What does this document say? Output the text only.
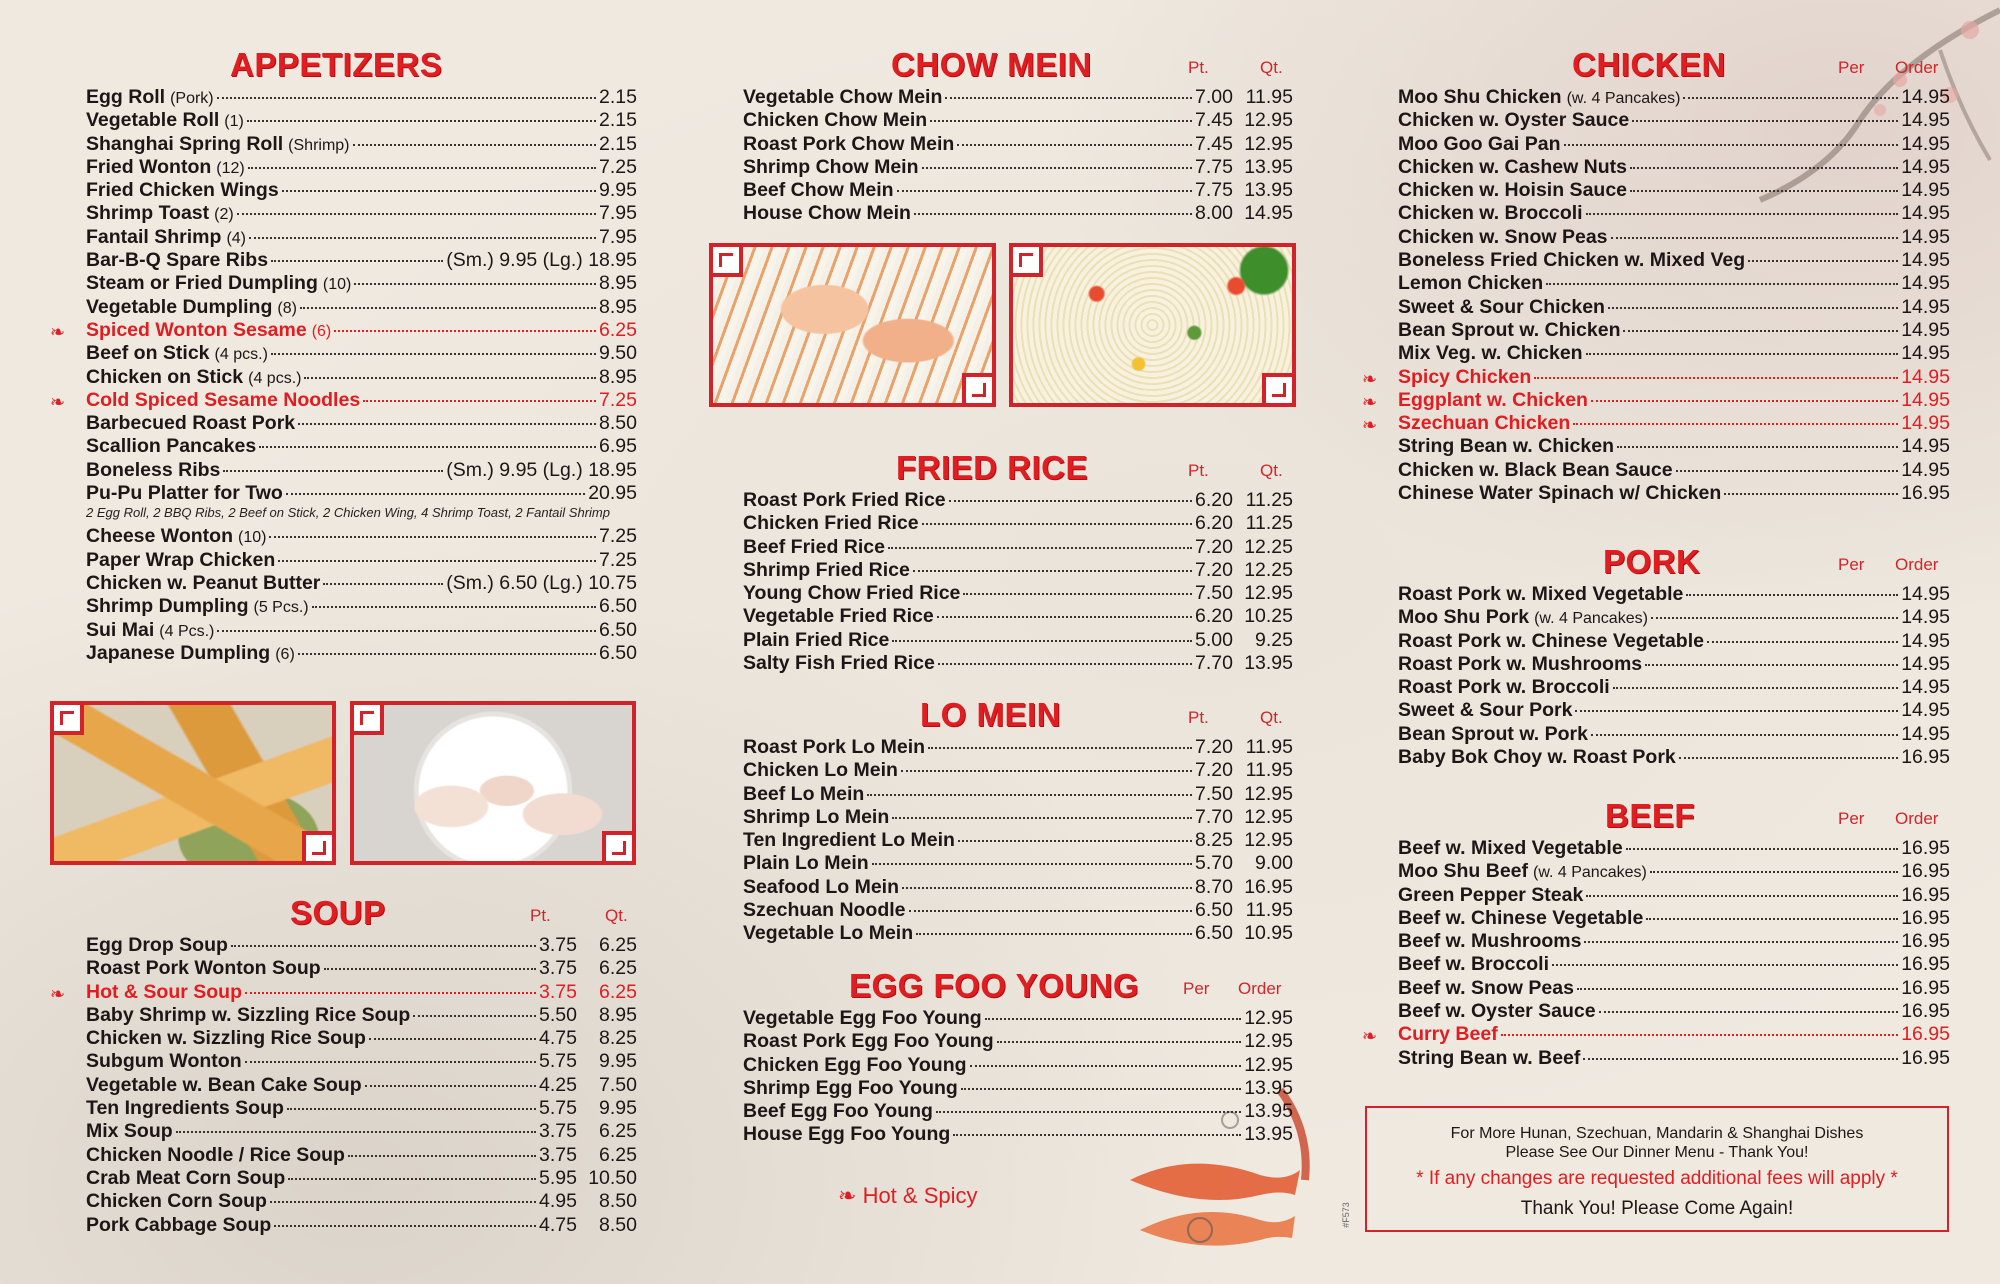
APPETIZERS
Egg Roll (Pork)	2.15
Vegetable Roll (1)	2.15
Shanghai Spring Roll (Shrimp)	2.15
Fried Wonton (12)	7.25
Fried Chicken Wings	9.95
Shrimp Toast (2)	7.95
Fantail Shrimp (4)	7.95
Bar-B-Q Spare Ribs	(Sm.) 9.95 (Lg.) 18.95
Steam or Fried Dumpling (10)	8.95
Vegetable Dumpling (8)	8.95
❧ Spiced Wonton Sesame (6)	6.25
Beef on Stick (4 pcs.)	9.50
Chicken on Stick (4 pcs.)	8.95
❧ Cold Spiced Sesame Noodles	7.25
Barbecued Roast Pork	8.50
Scallion Pancakes	6.95
Boneless Ribs	(Sm.) 9.95 (Lg.) 18.95
Pu-Pu Platter for Two	20.95
2 Egg Roll, 2 BBQ Ribs, 2 Beef on Stick, 2 Chicken Wing, 4 Shrimp Toast, 2 Fantail Shrimp
Cheese Wonton (10)	7.25
Paper Wrap Chicken	7.25
Chicken w. Peanut Butter	(Sm.) 6.50 (Lg.) 10.75
Shrimp Dumpling (5 Pcs.)	6.50
Sui Mai (4 Pcs.)	6.50
Japanese Dumpling (6)	6.50
SOUP	Pt.	Qt.
Egg Drop Soup	3.75	6.25
Roast Pork Wonton Soup	3.75	6.25
❧ Hot & Sour Soup	3.75	6.25
Baby Shrimp w. Sizzling Rice Soup	5.50	8.95
Chicken w. Sizzling Rice Soup	4.75	8.25
Subgum Wonton	5.75	9.95
Vegetable w. Bean Cake Soup	4.25	7.50
Ten Ingredients Soup	5.75	9.95
Mix Soup	3.75	6.25
Chicken Noodle / Rice Soup	3.75	6.25
Crab Meat Corn Soup	5.95 10.50
Chicken Corn Soup	4.95	8.50
Pork Cabbage Soup	4.75	8.50
CHOW MEIN	Pt.	Qt.
Vegetable Chow Mein	7.00 11.95
Chicken Chow Mein	7.45 12.95
Roast Pork Chow Mein	7.45 12.95
Shrimp Chow Mein	7.75 13.95
Beef Chow Mein	7.75 13.95
House Chow Mein	8.00 14.95
FRIED RICE	Pt.	Qt.
Roast Pork Fried Rice	6.20 11.25
Chicken Fried Rice	6.20 11.25
Beef Fried Rice	7.20 12.25
Shrimp Fried Rice	7.20 12.25
Young Chow Fried Rice	7.50 12.95
Vegetable Fried Rice	6.20 10.25
Plain Fried Rice	5.00	9.25
Salty Fish Fried Rice	7.70 13.95
LO MEIN	Pt.	Qt.
Roast Pork Lo Mein	7.20 11.95
Chicken Lo Mein	7.20 11.95
Beef Lo Mein	7.50 12.95
Shrimp Lo Mein	7.70 12.95
Ten Ingredient Lo Mein	8.25 12.95
Plain Lo Mein	5.70	9.00
Seafood Lo Mein	8.70 16.95
Szechuan Noodle	6.50 11.95
Vegetable Lo Mein	6.50 10.95
EGG FOO YOUNG	Per Order
Vegetable Egg Foo Young	12.95
Roast Pork Egg Foo Young	12.95
Chicken Egg Foo Young	12.95
Shrimp Egg Foo Young	13.95
Beef Egg Foo Young	13.95
House Egg Foo Young	13.95
CHICKEN	Per Order
Moo Shu Chicken (w. 4 Pancakes)	14.95
Chicken w. Oyster Sauce	14.95
Moo Goo Gai Pan	14.95
Chicken w. Cashew Nuts	14.95
Chicken w. Hoisin Sauce	14.95
Chicken w. Broccoli	14.95
Chicken w. Snow Peas	14.95
Boneless Fried Chicken w. Mixed Veg	14.95
Lemon Chicken	14.95
Sweet & Sour Chicken	14.95
Bean Sprout w. Chicken	14.95
Mix Veg. w. Chicken	14.95
❧ Spicy Chicken	14.95
❧ Eggplant w. Chicken	14.95
❧ Szechuan Chicken	14.95
String Bean w. Chicken	14.95
Chicken w. Black Bean Sauce	14.95
Chinese Water Spinach w/ Chicken	16.95
PORK	Per Order
Roast Pork w. Mixed Vegetable	14.95
Moo Shu Pork (w. 4 Pancakes)	14.95
Roast Pork w. Chinese Vegetable	14.95
Roast Pork w. Mushrooms	14.95
Roast Pork w. Broccoli	14.95
Sweet & Sour Pork	14.95
Bean Sprout w. Pork	14.95
Baby Bok Choy w. Roast Pork	16.95
BEEF	Per Order
Beef w. Mixed Vegetable	16.95
Moo Shu Beef (w. 4 Pancakes)	16.95
Green Pepper Steak	16.95
Beef w. Chinese Vegetable	16.95
Beef w. Mushrooms	16.95
Beef w. Broccoli	16.95
Beef w. Snow Peas	16.95
Beef w. Oyster Sauce	16.95
❧ Curry Beef	16.95
String Bean w. Beef	16.95
For More Hunan, Szechuan, Mandarin & Shanghai Dishes
Please See Our Dinner Menu - Thank You!
* If any changes are requested additional fees will apply *
Thank You! Please Come Again!
❧ Hot & Spicy
#F573
